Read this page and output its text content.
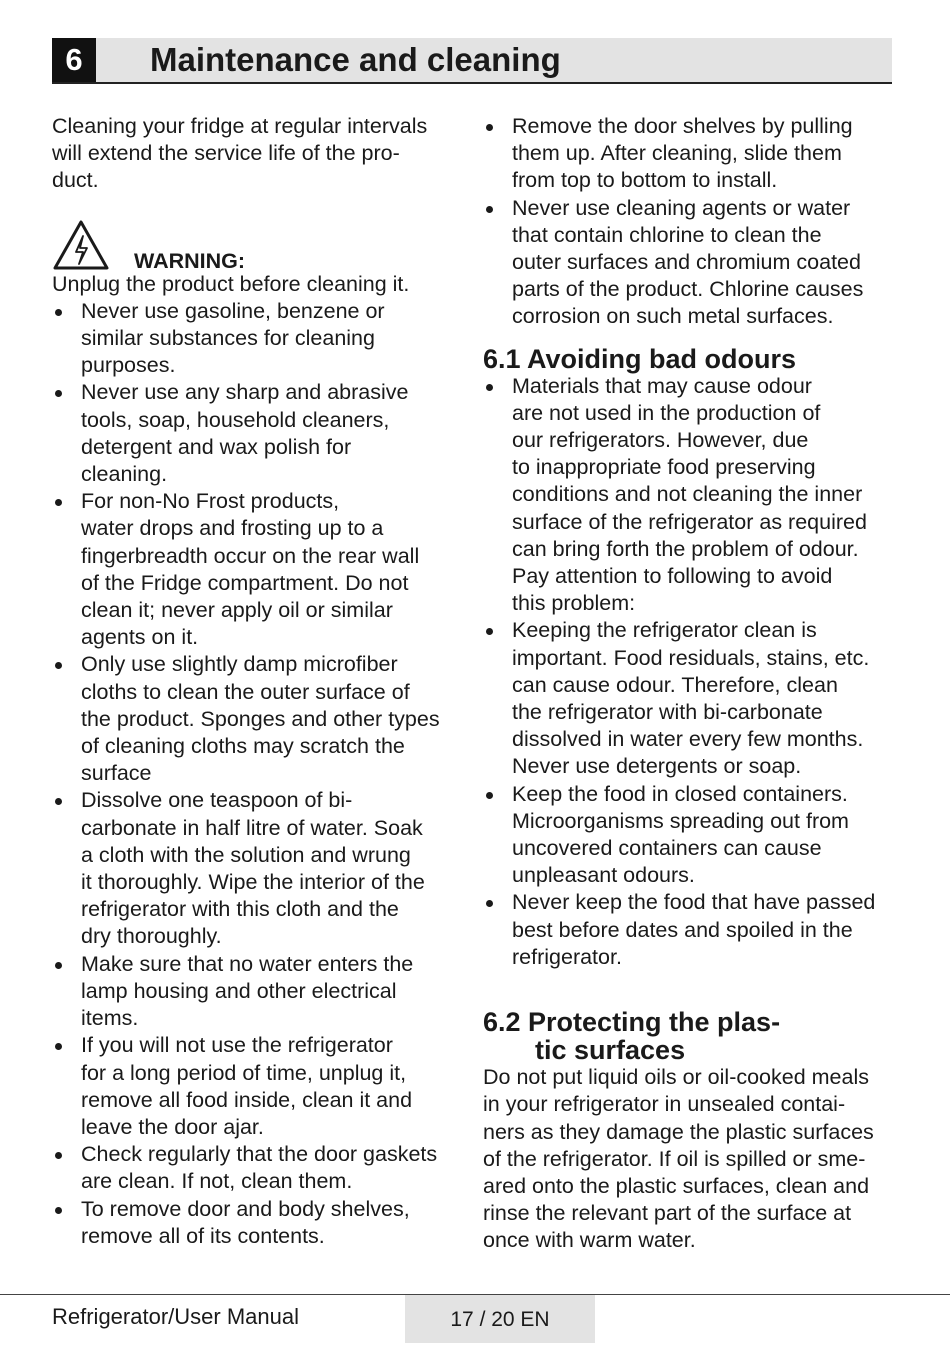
6	Maintenance and cleaning

Cleaning your fridge at regular intervals
will extend the service life of the pro-
duct.

WARNING:

Unplug the product before cleaning it.

Never use gasoline, benzene or
similar substances for cleaning
purposes.
Never use any sharp and abrasive
tools, soap, household cleaners,
detergent and wax polish for
cleaning.
For non-No Frost products,
water drops and frosting up to a
fingerbreadth occur on the rear wall
of the Fridge compartment. Do not
clean it; never apply oil or similar
agents on it.
Only use slightly damp microfiber
cloths to clean the outer surface of
the product. Sponges and other types
of cleaning cloths may scratch the
surface
Dissolve one teaspoon of bi-
carbonate in half litre of water. Soak
a cloth with the solution and wrung
it thoroughly. Wipe the interior of the
refrigerator with this cloth and the
dry thoroughly.
Make sure that no water enters the
lamp housing and other electrical
items.
If you will not use the refrigerator
for a long period of time, unplug it,
remove all food inside, clean it and
leave the door ajar.
Check regularly that the door gaskets
are clean. If not, clean them.
To remove door and body shelves,
remove all of its contents.
Remove the door shelves by pulling
them up. After cleaning, slide them
from top to bottom to install.
Never use cleaning agents or water
that contain chlorine to clean the
outer surfaces and chromium coated
parts of the product. Chlorine causes
corrosion on such metal surfaces.
6.1 Avoiding bad odours
Materials that may cause odour
are not used in the production of
our refrigerators. However, due
to inappropriate food preserving
conditions and not cleaning the inner
surface of the refrigerator as required
can bring forth the problem of odour.
Pay attention to following to avoid
this problem:
Keeping the refrigerator clean is
important. Food residuals, stains, etc.
can cause odour. Therefore, clean
the refrigerator with bi-carbonate
dissolved in water every few months.
Never use detergents or soap.
Keep the food in closed containers.
Microorganisms spreading out from
uncovered containers can cause
unpleasant odours.
Never keep the food that have passed
best before dates and spoiled in the
refrigerator.
6.2 Protecting the plas-

tic surfaces

Do not put liquid oils or oil-cooked meals
in your refrigerator in unsealed contai-
ners as they damage the plastic surfaces
of the refrigerator. If oil is spilled or sme-
ared onto the plastic surfaces, clean and
rinse the relevant part of the surface at
once with warm water.

Refrigerator/User Manual	17 / 20 EN
